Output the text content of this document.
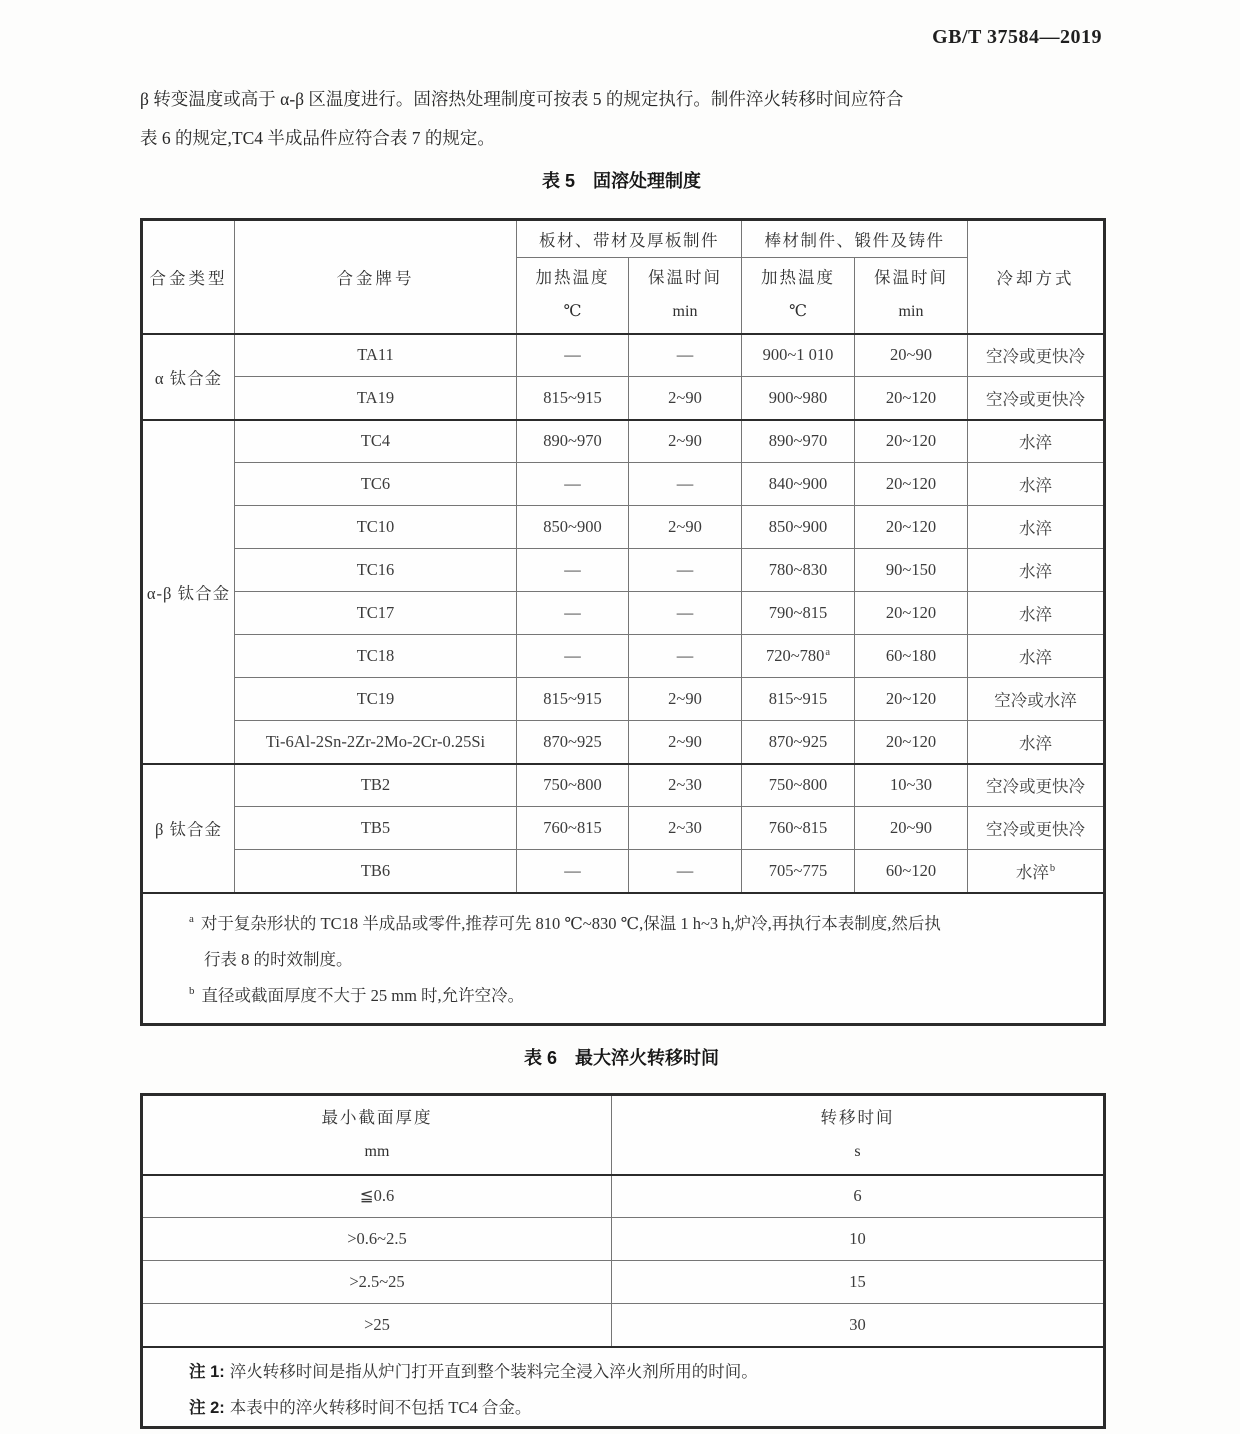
GB/T 37584—2019
β 转变温度或高于 α-β 区温度进行。固溶热处理制度可按表 5 的规定执行。制件淬火转移时间应符合
表 6 的规定,TC4 半成品件应符合表 7 的规定。
表 5 固溶处理制度
合金类型	合金牌号	板材、带材及厚板制件		棒材制件、锻件及铸件		冷却方式

加热温度
℃

保温时间
min

加热温度
℃

保温时间
min

α 钛合金	TA11	—	—	900~1 010	20~90	空冷或更快冷
	TA19	815~915	2~90	900~980	20~120	空冷或更快冷
α-β 钛合金	TC4	890~970	2~90	890~970	20~120	水淬
	TC6	—	—	840~900	20~120	水淬
	TC10	850~900	2~90	850~900	20~120	水淬
	TC16	—	—	780~830	90~150	水淬
	TC17	—	—	790~815	20~120	水淬
	TC18	—	—	720~780$^a$	60~180	水淬
	TC19	815~915	2~90	815~915	20~120	空冷或水淬
	Ti-6Al-2Sn-2Zr-2Mo-2Cr-0.25Si	870~925	2~90	870~925	20~120	水淬
β 钛合金	TB2	750~800	2~30	750~800	10~30	空冷或更快冷
	TB5	760~815	2~30	760~815	20~90	空冷或更快冷
	TB6	—	—	705~775	60~120	水淬$^b$

$^a$ 对于复杂形状的 TC18 半成品或零件,推荐可先 810 ℃~830 ℃,保温 1 h~3 h,炉冷,再执行本表制度,然后执
行表 8 的时效制度。
$^b$ 直径或截面厚度不大于 25 mm 时,允许空冷。						
表 6 最大淬火转移时间
最小截面厚度
mm

转移时间
s

≦0.6	6
>0.6~2.5	10
>2.5~25	15
>25	30

注 1: 淬火转移时间是指从炉门打开直到整个装料完全浸入淬火剂所用的时间。
注 2: 本表中的淬火转移时间不包括 TC4 合金。	
